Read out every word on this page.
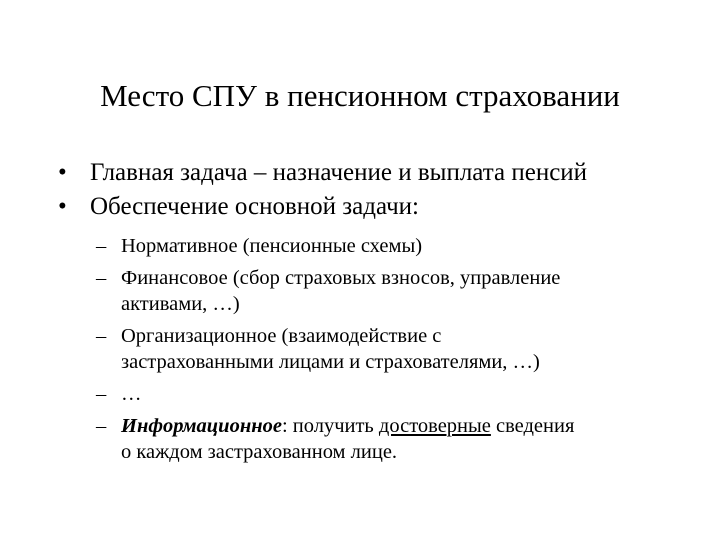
Место СПУ в пенсионном страховании
• Главная задача – назначение и выплата пенсий
• Обеспечение основной задачи:
– Нормативное (пенсионные схемы)
– Финансовое (сбор страховых взносов, управление
активами, …)
– Организационное (взаимодействие с
застрахованными лицами и страхователями, …)
– …
– Информационное: получить достоверные сведения
о каждом застрахованном лице.
